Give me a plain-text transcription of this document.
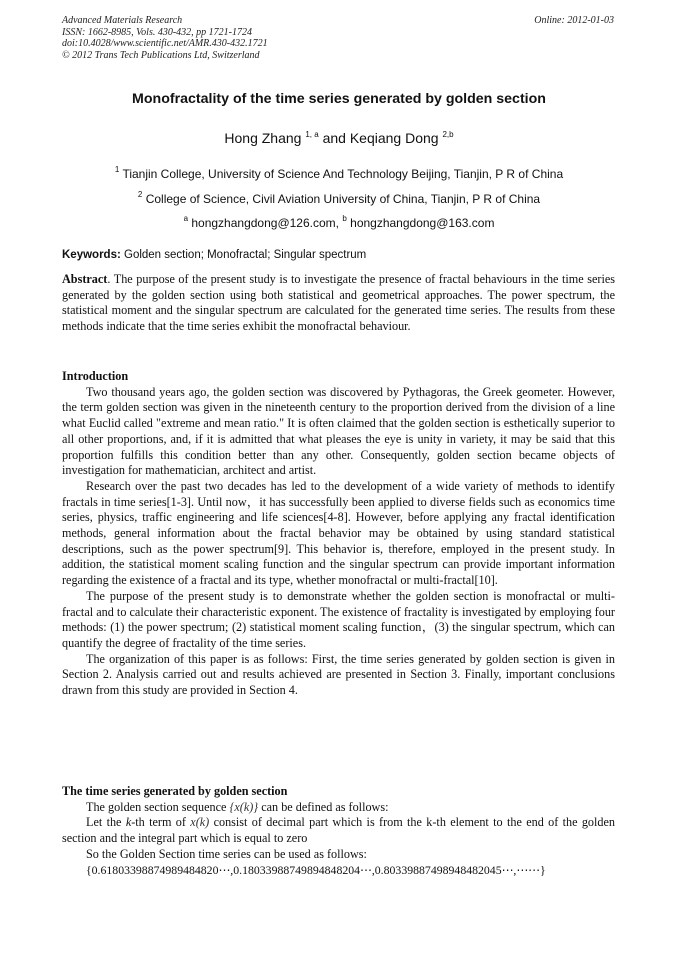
Advanced Materials Research
ISSN: 1662-8985, Vols. 430-432, pp 1721-1724
doi:10.4028/www.scientific.net/AMR.430-432.1721
© 2012 Trans Tech Publications Ltd, Switzerland
Online: 2012-01-03
Monofractality of the time series generated by golden section
Hong Zhang $^{1, a}$ and Keqiang Dong $^{2,b}$
$^1$ Tianjin College, University of Science And Technology Beijing, Tianjin, P R of China
$^2$ College of Science, Civil Aviation University of China, Tianjin, P R of China
$^a$ hongzhangdong@126.com, $^b$ hongzhangdong@163.com
Keywords: Golden section; Monofractal; Singular spectrum

Abstract. The purpose of the present study is to investigate the presence of fractal behaviours in the time series generated by the golden section using both statistical and geometrical approaches. The power spectrum, the statistical moment and the singular spectrum are calculated for the generated time series. The results from these methods indicate that the time series exhibit the monofractal behaviour.

Introduction

Two thousand years ago, the golden section was discovered by Pythagoras, the Greek geometer. However, the term golden section was given in the nineteenth century to the proportion derived from the division of a line what Euclid called "extreme and mean ratio." It is often claimed that the golden section is esthetically superior to all other proportions, and, if it is admitted that what pleases the eye is unity in variety, it may be said that this proportion fulfills this condition better than any other. Consequently, golden section became objects of investigation for mathematician, architect and artist.

Research over the past two decades has led to the development of a wide variety of methods to identify fractals in time series[1-3]. Until now，it has successfully been applied to diverse fields such as economics time series, physics, traffic engineering and life sciences[4-8]. However, before applying any fractal identification methods, general information about the fractal behavior may be obtained by using standard statistical descriptions, such as the power spectrum[9]. This behavior is, therefore, employed in the present study. In addition, the statistical moment scaling function and the singular spectrum can provide important information regarding the existence of a fractal and its type, whether monofractal or multi-fractal[10].

The purpose of the present study is to demonstrate whether the golden section is monofractal or multi-fractal and to calculate their characteristic exponent. The existence of fractality is investigated by employing four methods: (1) the power spectrum; (2) statistical moment scaling function，(3) the singular spectrum, which can quantify the degree of fractality of the time series.

The organization of this paper is as follows: First, the time series generated by golden section is given in Section 2. Analysis carried out and results achieved are presented in Section 3. Finally, important conclusions drawn from this study are provided in Section 4.

The time series generated by golden section

The golden section sequence {x(k)} can be defined as follows:

Let the k-th term of x(k) consist of decimal part which is from the k-th element to the end of the golden section and the integral part which is equal to zero

So the Golden Section time series can be used as follows:

{0.61803398874989484820⋯,0.18033988749894848204⋯,0.80339887498948482045⋯,⋯⋯}
